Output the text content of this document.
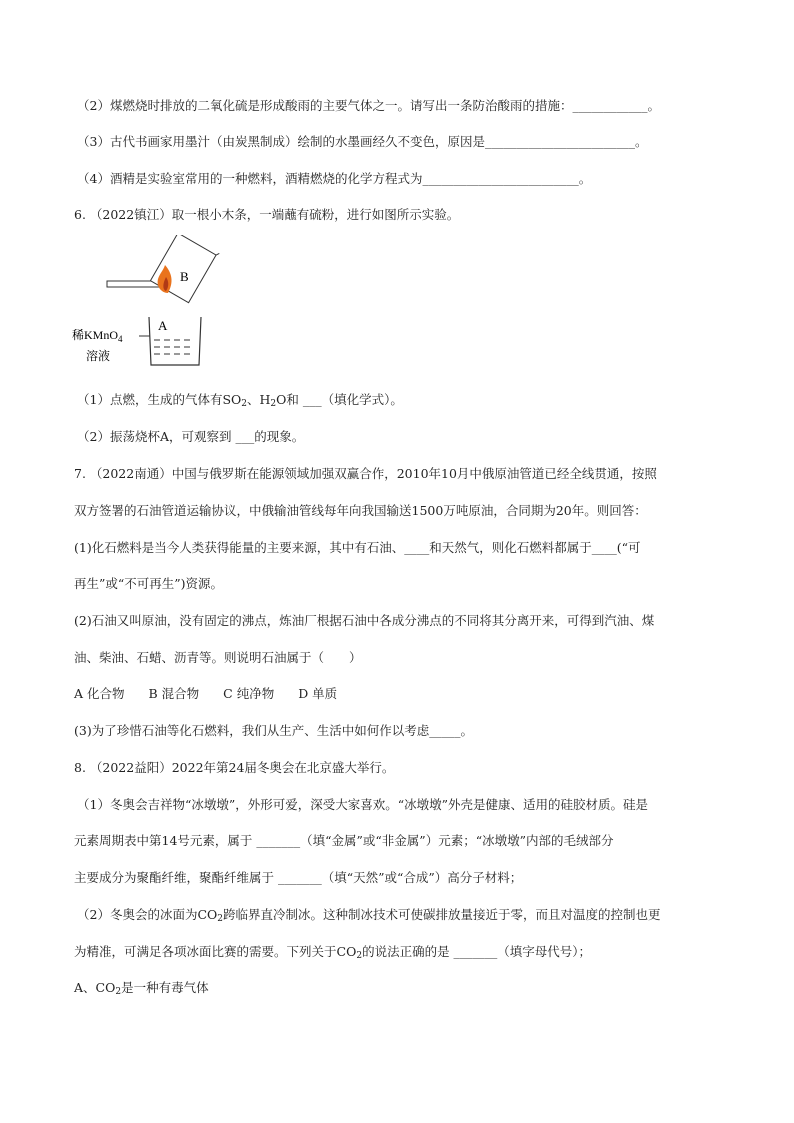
（2）煤燃烧时排放的二氧化硫是形成酸雨的主要气体之一。请写出一条防治酸雨的措施：____________。
（3）古代书画家用墨汁（由炭黑制成）绘制的水墨画经久不变色，原因是________________________。
（4）酒精是实验室常用的一种燃料，酒精燃烧的化学方程式为_________________________。
6. （2022镇江）取一根小木条，一端蘸有硫粉，进行如图所示实验。
B
A
稀KMnO$_4$
溶液
（1）点燃，生成的气体有$SO_2$、$H_2O$和 ___（填化学式）。
（2）振荡烧杯A，可观察到 ___的现象。
7. （2022南通）中国与俄罗斯在能源领域加强双赢合作，2010年10月中俄原油管道已经全线贯通，按照
双方签署的石油管道运输协议，中俄输油管线每年向我国输送1500万吨原油，合同期为20年。则回答：
(1)化石燃料是当今人类获得能量的主要来源，其中有石油、____和天然气，则化石燃料都属于____(“可
再生”或“不可再生”)资源。
(2)石油又叫原油，没有固定的沸点，炼油厂根据石油中各成分沸点的不同将其分离开来，可得到汽油、煤
油、柴油、石蜡、沥青等。则说明石油属于（　　）
A 化合物 B 混合物 C 纯净物 D 单质
(3)为了珍惜石油等化石燃料，我们从生产、生活中如何作以考虑_____。
8. （2022益阳）2022年第24届冬奥会在北京盛大举行。
（1）冬奥会吉祥物“冰墩墩”，外形可爱，深受大家喜欢。“冰墩墩”外壳是健康、适用的硅胶材质。硅是
元素周期表中第14号元素，属于 _______（填“金属”或“非金属”）元素；“冰墩墩”内部的毛绒部分
主要成分为聚酯纤维，聚酯纤维属于 _______（填“天然”或“合成”）高分子材料；
（2）冬奥会的冰面为$CO_2$跨临界直冷制冰。这种制冰技术可使碳排放量接近于零，而且对温度的控制也更
为精准，可满足各项冰面比赛的需要。下列关于$CO_2$的说法正确的是 _______（填字母代号）；
A、$CO_2$是一种有毒气体
